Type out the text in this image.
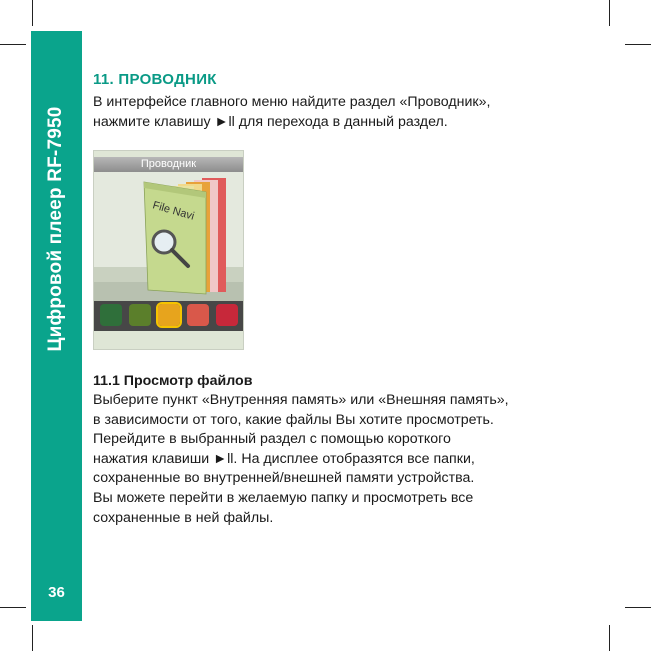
Цифровой плеер RF-7950
36
11. ПРОВОДНИК
В интерфейсе главного меню найдите раздел «Проводник»,
нажмите клавишу ►ll для перехода в данный раздел.
11.1 Просмотр файлов
Выберите пункт «Внутренняя память» или «Внешняя память»,
в зависимости от того, какие файлы Вы хотите просмотреть.
Перейдите в выбранный раздел с помощью короткого
нажатия клавиши ►ll. На дисплее отобразятся все папки,
сохраненные во внутренней/внешней памяти устройства.
Вы можете перейти в желаемую папку и просмотреть все
сохраненные в ней файлы.
Проводник
File Navi
